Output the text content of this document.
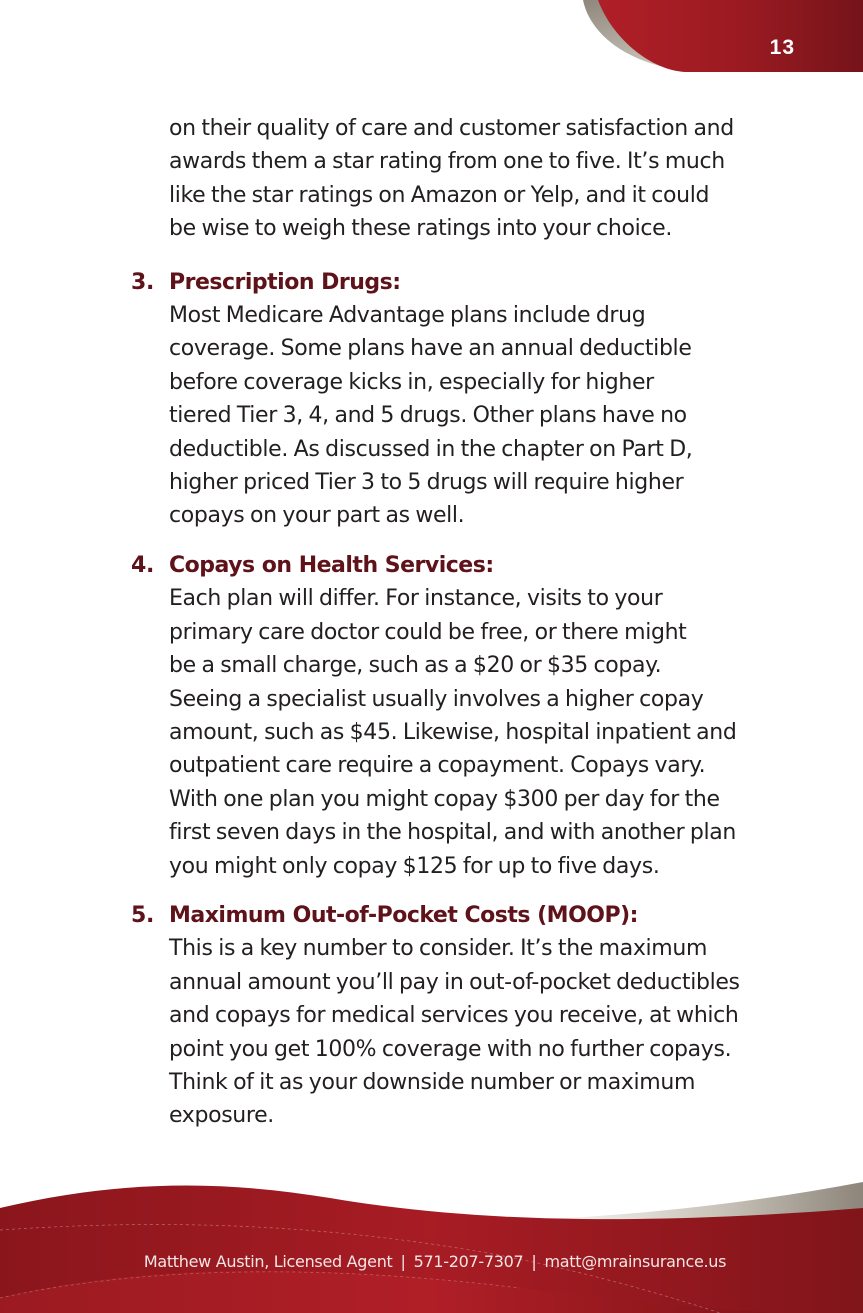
13
on their quality of care and customer satisfaction and
awards them a star rating from one to five. It’s much
like the star ratings on Amazon or Yelp, and it could
be wise to weigh these ratings into your choice.
3. Prescription Drugs:
Most Medicare Advantage plans include drug
coverage. Some plans have an annual deductible
before coverage kicks in, especially for higher
tiered Tier 3, 4, and 5 drugs. Other plans have no
deductible. As discussed in the chapter on Part D,
higher priced Tier 3 to 5 drugs will require higher
copays on your part as well.
4. Copays on Health Services:
Each plan will differ. For instance, visits to your
primary care doctor could be free, or there might
be a small charge, such as a $20 or $35 copay.
Seeing a specialist usually involves a higher copay
amount, such as $45. Likewise, hospital inpatient and
outpatient care require a copayment. Copays vary.
With one plan you might copay $300 per day for the
first seven days in the hospital, and with another plan
you might only copay $125 for up to five days.
5. Maximum Out-of-Pocket Costs (MOOP):
This is a key number to consider. It’s the maximum
annual amount you’ll pay in out-of-pocket deductibles
and copays for medical services you receive, at which
point you get 100% coverage with no further copays.
Think of it as your downside number or maximum
exposure.
Matthew Austin, Licensed Agent | 571-207-7307 | matt@mrainsurance.us
